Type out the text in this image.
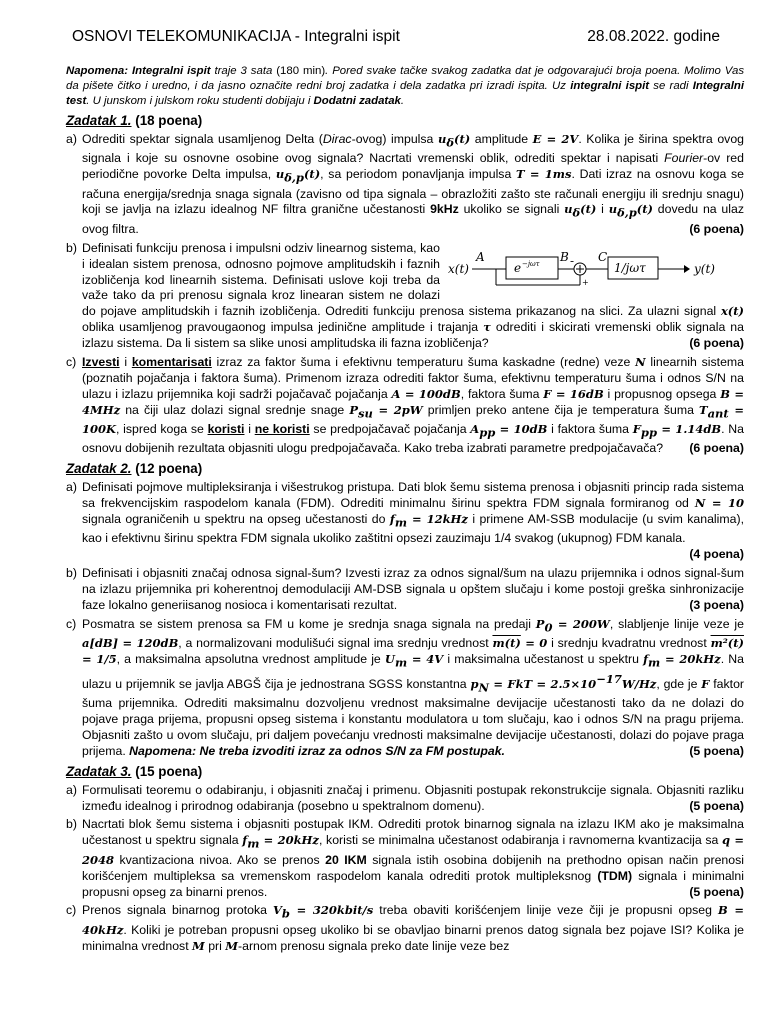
OSNOVI TELEKOMUNIKACIJA - Integralni ispit	28.08.2022. godine

Napomena: Integralni ispit traje 3 sata (180 min). Pored svake tačke svakog zadatka dat je odgovarajući broja poena. Molimo Vas da pišete čitko i uredno, i da jasno označite redni broj zadatka i dela zadatka pri izradi ispita. Uz integralni ispit se radi Integralni test. U junskom i julskom roku studenti dobijaju i Dodatni zadatak.

Zadatak 1. (18 poena)
a) Odrediti spektar signala usamljenog Delta (Dirac-ovog) impulsa $u_\delta(t)$ amplitude E = 2V. Kolika je širina spektra ovog signala i koje su osnovne osobine ovog signala? Nacrtati vremenski oblik, odrediti spektar i napisati Fourier-ov red periodične povorke Delta impulsa, $u_{\delta,p}(t)$, sa periodom ponavljanja impulsa T = 1ms. Dati izraz na osnovu koga se računa energija/srednja snaga signala (zavisno od tipa signala – obrazložiti zašto ste računali energiju ili srednju snagu) koji se javlja na izlazu idealnog NF filtra granične učestanosti 9kHz ukoliko se signali $u_\delta(t)$ i $u_{\delta,p}(t)$ dovedu na ulaz ovog filtra.	(6 poena)
b)
x(t)
A
e −jωτ B -
+
C
1/jωτ	y(t)
Definisati funkciju prenosa i impulsni odziv linearnog sistema, kao i idealan sistem prenosa, odnosno pojmove amplitudskih i faznih izobličenja kod linearnih sistema. Definisati uslove koji treba da važe tako da pri prenosu signala kroz linearan sistem ne dolazi do pojave amplitudskih i faznih izobličenja. Odrediti funkciju prenosa sistema prikazanog na slici. Za ulazni signal x(t) oblika usamljenog pravougaonog impulsa jedinične amplitude i trajanja τ odrediti i skicirati vremenski oblik signala na izlazu sistema. Da li sistem sa slike unosi amplitudska ili fazna izobličenja?	(6 poena)
c) Izvesti i komentarisati izraz za faktor šuma i efektivnu temperaturu šuma kaskadne (redne) veze N linearnih sistema (poznatih pojačanja i faktora šuma). Primenom izraza odrediti faktor šuma, efektivnu temperaturu šuma i odnos S/N na ulazu i izlazu prijemnika koji sadrži pojačavač pojačanja A = 100dB, faktora šuma F = 16dB i propusnog opsega B = 4MHz na čiji ulaz dolazi signal srednje snage $P_{su} = 2pW$ primljen preko antene čija je temperatura šuma $T_{ant} = 100K$, ispred koga se koristi i ne koristi se predpojačavač pojačanja $A_{pp} = 10dB$ i faktora šuma $F_{pp} = 1.14dB$. Na osnovu dobijenih rezultata objasniti ulogu predpojačavača. Kako treba izabrati parametre predpojačavača?	(6 poena)
Zadatak 2. (12 poena)
a) Definisati pojmove multipleksiranja i višestrukog pristupa. Dati blok šemu sistema prenosa i objasniti princip rada sistema sa frekvencijskim raspodelom kanala (FDM). Odrediti minimalnu širinu spektra FDM signala formiranog od N = 10 signala ograničenih u spektru na opseg učestanosti do $f_m = 12kHz$ i primene AM-SSB modulacije (u svim kanalima), kao i efektivnu širinu spektra FDM signala ukoliko zaštitni opsezi zauzimaju 1/4 svakog (ukupnog) FDM kanala.
(4 poena)
b) Definisati i objasniti značaj odnosa signal-šum? Izvesti izraz za odnos signal/šum na ulazu prijemnika i odnos signal-šum na izlazu prijemnika pri koherentnoj demodulaciji AM-DSB signala u opštem slučaju i kome postoji greška sinhronizacije faze lokalno generiisanog nosioca i komentarisati rezultat.	(3 poena)
c) Posmatra se sistem prenosa sa FM u kome je srednja snaga signala na predaji $P_0 = 200W$, slabljenje linije veze je a[dB] = 120dB, a normalizovani modulišući signal ima srednju vrednost m(t) = 0 i srednju kvadratnu vrednost m²(t) = 1/5, a maksimalna apsolutna vrednost amplitude je $U_m = 4V$ i maksimalna učestanost u spektru $f_m = 20kHz$. Na ulazu u prijemnik se javlja ABGŠ čija je jednostrana SGSS konstantna $p_N$ = FkT = $2.5\times 10^{-17}W/Hz$, gde je F faktor šuma prijemnika. Odrediti maksimalnu dozvoljenu vrednost maksimalne devijacije učestanosti tako da ne dolazi do pojave praga prijema, propusni opseg sistema i konstantu modulatora u tom slučaju, kao i odnos S/N na pragu prijema. Objasniti zašto u ovom slučaju, pri daljem povećanju vrednosti maksimalne devijacije učestanosti, dolazi do pojave praga prijema. Napomena: Ne treba izvoditi izraz za odnos S/N za FM postupak.	(5 poena)
Zadatak 3. (15 poena)
a) Formulisati teoremu o odabiranju, i objasniti značaj i primenu. Objasniti postupak rekonstrukcije signala. Objasniti razliku između idealnog i prirodnog odabiranja (posebno u spektralnom domenu).	(5 poena)
b) Nacrtati blok šemu sistema i objasniti postupak IKM. Odrediti protok binarnog signala na izlazu IKM ako je maksimalna učestanost u spektru signala $f_m = 20kHz$, koristi se minimalna učestanost odabiranja i ravnomerna kvantizacija sa q = 2048 kvantizaciona nivoa. Ako se prenos 20 IKM signala istih osobina dobijenih na prethodno opisan način prenosi korišćenjem multipleksa sa vremenskom raspodelom kanala odrediti protok multipleksnog (TDM) signala i minimalni propusni opseg za binarni prenos.	(5 poena)
c) Prenos signala binarnog protoka $V_b$ = 320kbit/s treba obaviti korišćenjem linije veze čiji je propusni opseg B = 40kHz. Koliki je potreban propusni opseg ukoliko bi se obavljao binarni prenos datog signala bez pojave ISI? Kolika je minimalna vrednost M pri M-arnom prenosu signala preko date linije veze bez
